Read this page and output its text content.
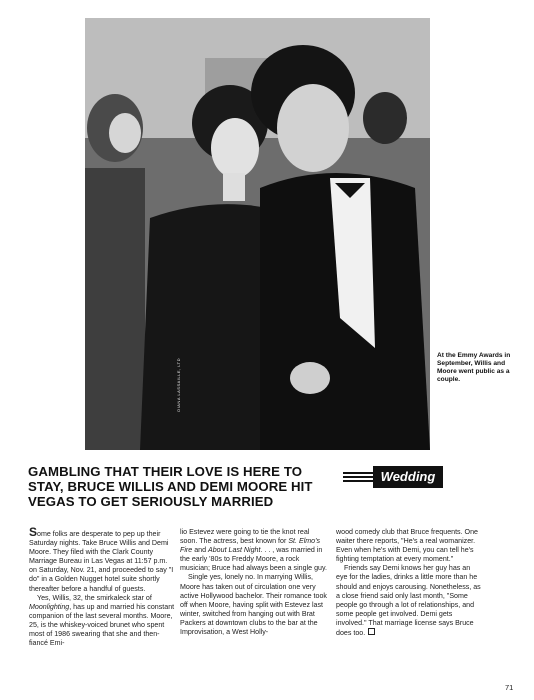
DIANA LASSAILLE, LTD
At the Emmy Awards in September, Willis and Moore went public as a couple.
GAMBLING THAT THEIR LOVE IS HERE TO STAY, BRUCE WILLIS AND DEMI MOORE HIT VEGAS TO GET SERIOUSLY MARRIED
Wedding

Some folks are desperate to pep up their Saturday nights. Take Bruce Willis and Demi Moore. They filed with the Clark County Marriage Bureau in Las Vegas at 11:57 p.m. on Saturday, Nov. 21, and proceeded to say "I do" in a Golden Nugget hotel suite shortly thereafter before a handful of guests.

Yes, Willis, 32, the smirkaleck star of Moonlighting, has up and married his constant companion of the last several months. Moore, 25, is the whiskey-voiced brunet who spent most of 1986 swearing that she and then-fiancé Emi-

lio Estevez were going to tie the knot real soon. The actress, best known for St. Elmo's Fire and About Last Night. . . , was married in the early '80s to Freddy Moore, a rock musician; Bruce had always been a single guy.

Single yes, lonely no. In marrying Willis, Moore has taken out of circulation one very active Hollywood bachelor. Their romance took off when Moore, having split with Estevez last winter, switched from hanging out with Brat Packers at downtown clubs to the bar at the Improvisation, a West Holly-

wood comedy club that Bruce frequents. One waiter there reports, "He's a real womanizer. Even when he's with Demi, you can tell he's fighting temptation at every moment."

Friends say Demi knows her guy has an eye for the ladies, drinks a little more than he should and enjoys carousing. Nonetheless, as a close friend said only last month, "Some people go through a lot of relationships, and some people get involved. Demi gets involved." That marriage license says Bruce does too.

71
